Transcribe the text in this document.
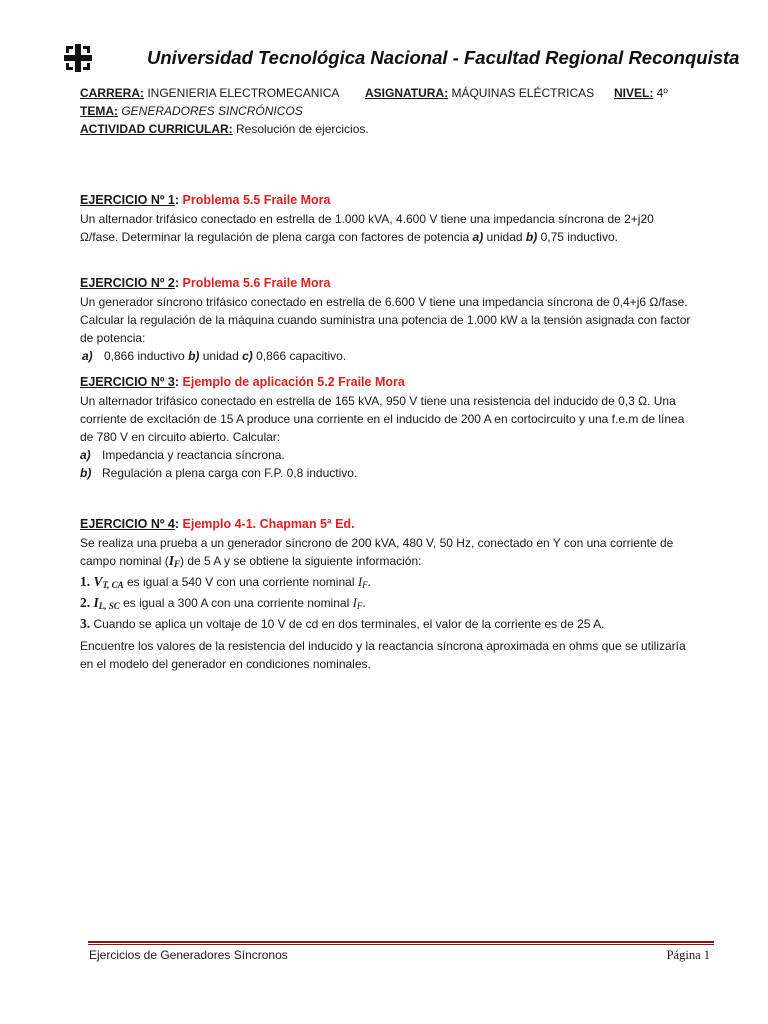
Universidad Tecnológica Nacional - Facultad Regional Reconquista
CARRERA: INGENIERIA ELECTROMECANICA ASIGNATURA: MÁQUINAS ELÉCTRICAS NIVEL: 4º
TEMA: GENERADORES SINCRÓNICOS
ACTIVIDAD CURRICULAR: Resolución de ejercicios.
EJERCICIO Nº 1: Problema 5.5 Fraile Mora

Un alternador trifásico conectado en estrella de 1.000 kVA, 4.600 V tiene una impedancia síncrona de 2+j20 Ω/fase. Determinar la regulación de plena carga con factores de potencia a) unidad b) 0,75 inductivo.

EJERCICIO Nº 2: Problema 5.6 Fraile Mora

Un generador síncrono trifásico conectado en estrella de 6.600 V tiene una impedancia síncrona de 0,4+j6 Ω/fase. Calcular la regulación de la máquina cuando suministra una potencia de 1.000 kW a la tensión asignada con factor de potencia:

a) 0,866 inductivo b) unidad c) 0,866 capacitivo.

EJERCICIO Nº 3: Ejemplo de aplicación 5.2 Fraile Mora

Un alternador trifásico conectado en estrella de 165 kVA, 950 V tiene una resistencia del inducido de 0,3 Ω. Una corriente de excitación de 15 A produce una corriente en el inducido de 200 A en cortocircuito y una f.e.m de línea de 780 V en circuito abierto. Calcular:

a) Impedancia y reactancia síncrona.

b) Regulación a plena carga con F.P. 0,8 inductivo.

EJERCICIO Nº 4: Ejemplo 4-1. Chapman 5ª Ed.

Se realiza una prueba a un generador síncrono de 200 kVA, 480 V, 50 Hz, conectado en Y con una corriente de campo nominal $(I_F)$ de 5 A y se obtiene la siguiente información:

1. $V_{T, CA}$ es igual a 540 V con una corriente nominal $I_F$.

2. $I_{L, SC}$ es igual a 300 A con una corriente nominal $I_F$.

3. Cuando se aplica un voltaje de 10 V de cd en dos terminales, el valor de la corriente es de 25 A.

Encuentre los valores de la resistencia del inducido y la reactancia síncrona aproximada en ohms que se utilizaría en el modelo del generador en condiciones nominales.

Ejercicios de Generadores Síncronos	Página 1
